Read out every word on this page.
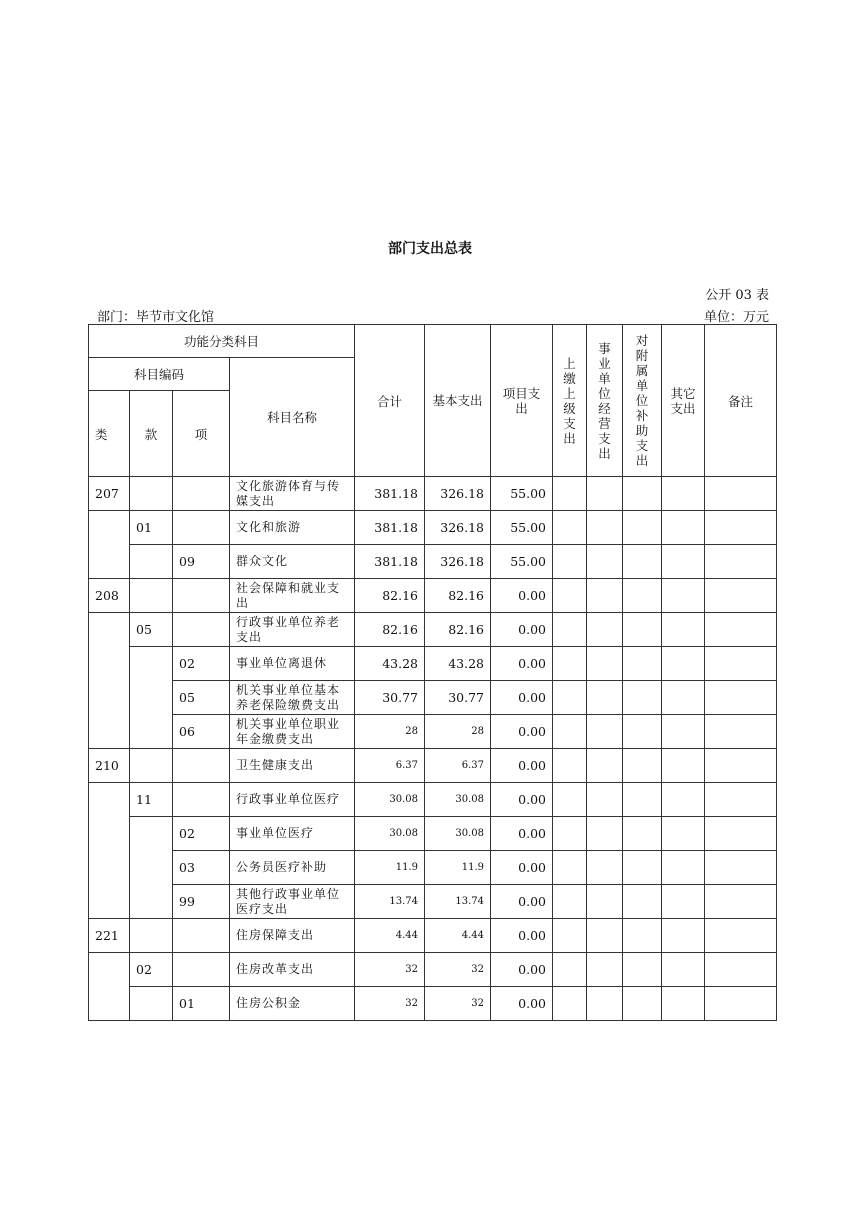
部门支出总表
公开 03 表
部门：毕节市文化馆	单位：万元
功能分类科目				合计	基本支出	项目支出	上缴上级支出	事业单位经营支出	对附属单位补助支出	其它支出	备注
科目编码			科目名称								
类	款	项									
207			文化旅游体育与传媒支出	381.18	326.18	55.00					
	01		文化和旅游	381.18	326.18	55.00					
		09	群众文化	381.18	326.18	55.00					
208			社会保障和就业支出	82.16	82.16	0.00					
	05		行政事业单位养老支出	82.16	82.16	0.00					
		02	事业单位离退休	43.28	43.28	0.00					
		05	机关事业单位基本养老保险缴费支出	30.77	30.77	0.00					
		06	机关事业单位职业年金缴费支出	28	28	0.00					
210			卫生健康支出	6.37	6.37	0.00					
	11		行政事业单位医疗	30.08	30.08	0.00					
		02	事业单位医疗	30.08	30.08	0.00					
		03	公务员医疗补助	11.9	11.9	0.00					
		99	其他行政事业单位医疗支出	13.74	13.74	0.00					
221			住房保障支出	4.44	4.44	0.00					
	02		住房改革支出	32	32	0.00					
		01	住房公积金	32	32	0.00					
